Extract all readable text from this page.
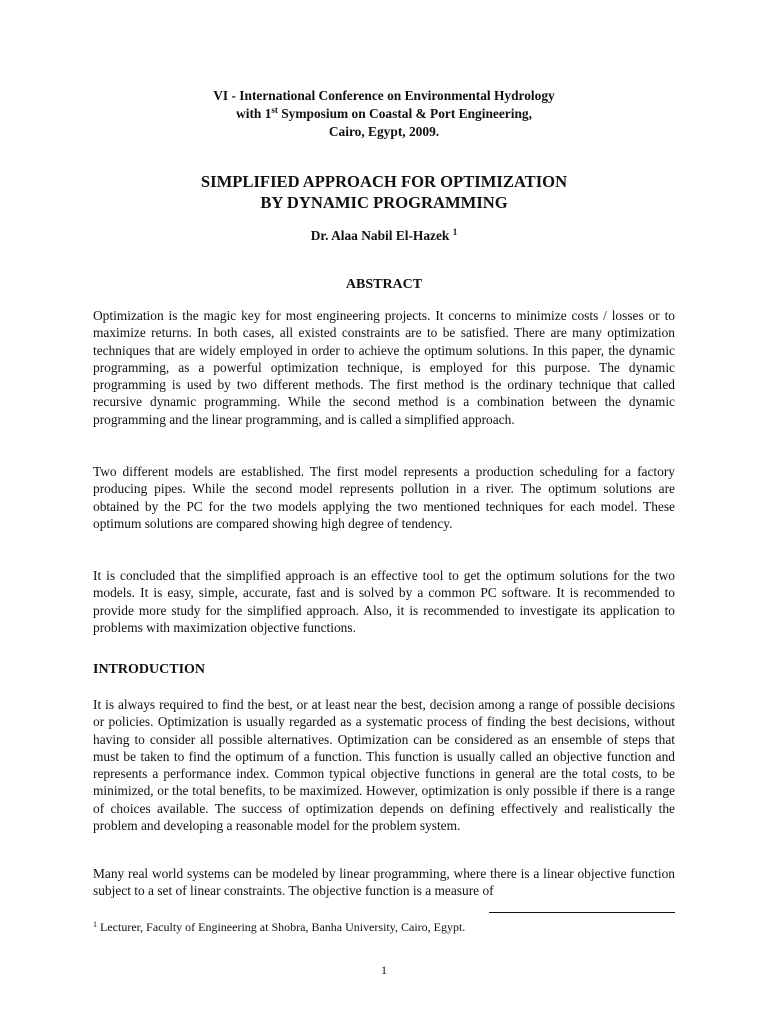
VI - International Conference on Environmental Hydrology
with 1st Symposium on Coastal & Port Engineering,
Cairo, Egypt, 2009.
SIMPLIFIED APPROACH FOR OPTIMIZATION
BY DYNAMIC PROGRAMMING
Dr. Alaa Nabil El-Hazek $^1$
ABSTRACT

Optimization is the magic key for most engineering projects. It concerns to minimize costs / losses or to maximize returns. In both cases, all existed constraints are to be satisfied. There are many optimization techniques that are widely employed in order to achieve the optimum solutions. In this paper, the dynamic programming, as a powerful optimization technique, is employed for this purpose. The dynamic programming is used by two different methods. The first method is the ordinary technique that called recursive dynamic programming. While the second method is a combination between the dynamic programming and the linear programming, and is called a simplified approach.

Two different models are established. The first model represents a production scheduling for a factory producing pipes. While the second model represents pollution in a river. The optimum solutions are obtained by the PC for the two models applying the two mentioned techniques for each model. These optimum solutions are compared showing high degree of tendency.

It is concluded that the simplified approach is an effective tool to get the optimum solutions for the two models. It is easy, simple, accurate, fast and is solved by a common PC software. It is recommended to provide more study for the simplified approach. Also, it is recommended to investigate its application to problems with maximization objective functions.

INTRODUCTION

It is always required to find the best, or at least near the best, decision among a range of possible decisions or policies. Optimization is usually regarded as a systematic process of finding the best decisions, without having to consider all possible alternatives. Optimization can be considered as an ensemble of steps that must be taken to find the optimum of a function. This function is usually called an objective function and represents a performance index. Common typical objective functions in general are the total costs, to be minimized, or the total benefits, to be maximized. However, optimization is only possible if there is a range of choices available. The success of optimization depends on defining effectively and realistically the problem and developing a reasonable model for the problem system.

Many real world systems can be modeled by linear programming, where there is a linear objective function subject to a set of linear constraints. The objective function is a measure of

$^1$ Lecturer, Faculty of Engineering at Shobra, Banha University, Cairo, Egypt.
1
